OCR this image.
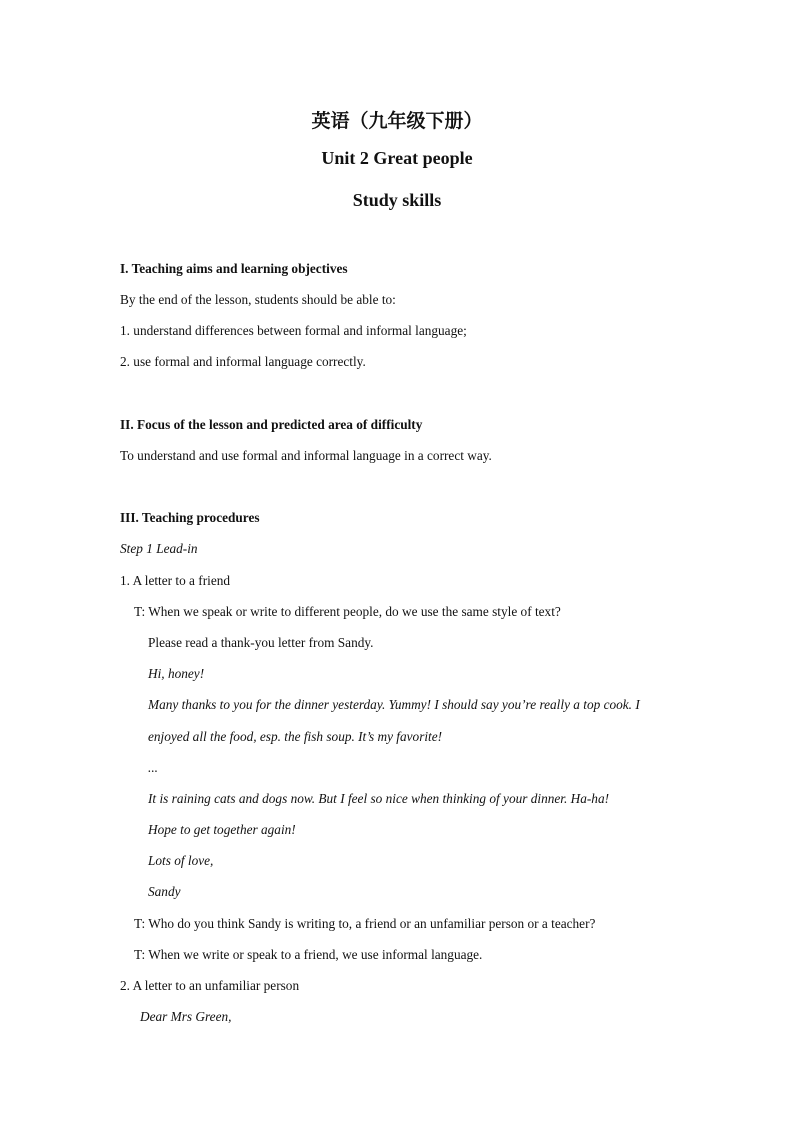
英语（九年级下册）
Unit 2 Great people
Study skills

I. Teaching aims and learning objectives

By the end of the lesson, students should be able to:

1. understand differences between formal and informal language;

2. use formal and informal language correctly.

II. Focus of the lesson and predicted area of difficulty

To understand and use formal and informal language in a correct way.

III. Teaching procedures

Step 1 Lead-in

1. A letter to a friend

T: When we speak or write to different people, do we use the same style of text?

Please read a thank-you letter from Sandy.

Hi, honey!

Many thanks to you for the dinner yesterday. Yummy! I should say you’re really a top cook. I

enjoyed all the food, esp. the fish soup. It’s my favorite!

...

It is raining cats and dogs now. But I feel so nice when thinking of your dinner. Ha-ha!

Hope to get together again!

Lots of love,

Sandy

T: Who do you think Sandy is writing to, a friend or an unfamiliar person or a teacher?

T: When we write or speak to a friend, we use informal language.

2. A letter to an unfamiliar person

Dear Mrs Green,
